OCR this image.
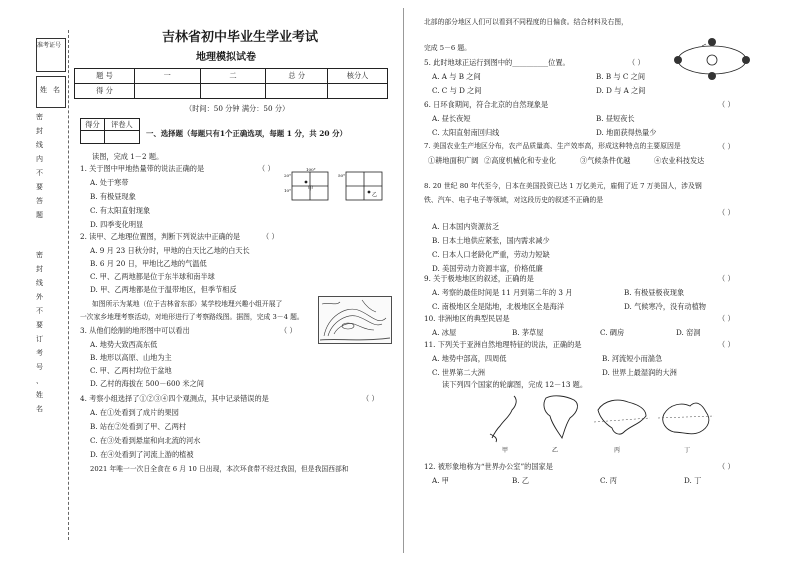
准考证号
姓名
密
封
线
内
不
要
答
题
密
封
线
外
不
要
订
考
号
、
姓
名
吉林省初中毕业生学业考试
地理模拟试卷
题 号	一	二	总 分	核分人
得 分				
（时间：50 分钟 满分：50 分）
得分	评卷人

一、选择题（每题只有1个正确选项，每题 1 分，共 20 分）
读图，完成 1－2 题。
20°
100°
10°
50°
甲
乙
1. 关于图中甲地热量带的说法正确的是	（ ）
A. 处于寒带
B. 有极昼现象
C. 有太阳直射现象
D. 四季变化明显
2. 读甲、乙地理位置图，判断下列说法中正确的是	（ ）
A. 9 月 23 日秋分时，甲地的白天比乙地的白天长
B. 6 月 20 日，甲地比乙地的气温低
C. 甲、乙两地都是位于东半球和南半球
D. 甲、乙两地都是位于温带地区，但季节相反
如图所示为某地（位于吉林省东部）某学校地理兴趣小组开展了
一次家乡地理考察活动，对地形进行了考察路线图。据图，完成 3－4 题。
3. 从他们绘制的地形图中可以看出	（ ）
A. 地势大致西高东低
B. 地形以高原、山地为主
C. 甲、乙两村均位于盆地
D. 乙村的海拔在 500－600 米之间
4. 考察小组选择了①②③④四个观测点，其中记录错误的是	（ ）
A. 在①处看到了成片的果园
B. 站在②处看到了甲、乙两村
C. 在③处看到悬崖和向北流的河水
D. 在④处看到了河流上游的植被
2021 年唯一一次日全食在 6 月 10 日出现，本次环食带不经过我国，但是我国西部和
北部的部分地区人们可以看到不同程度的日偏食。结合材料及右图，
完成 5－6 题。
5. 此时地球正运行到图中的__________位置。	（ ）
A. A 与 B 之间	B. B 与 C 之间
C. C 与 D 之间	D. D 与 A 之间
6. 日环食期间，符合北京的自然现象是	（ ）
A. 昼长夜短	B. 昼短夜长
C. 太阳直射南回归线	D. 地面获得热量少
7. 美国农业生产地区分布，农产品质量高、生产效率高，形成这种特点的主要原因是	（ ）
①耕地面积广阔 ②高度机械化和专业化	③气候条件优越	④农业科技发达
8. 20 世纪 80 年代至今，日本在美国投资已达 1 万亿美元，雇佣了近 7 万美国人，涉及钢
铁、汽车、电子电子等领域，对这段历史的叙述不正确的是
（ ）
A. 日本国内资源贫乏
B. 日本土地供应紧张，国内需求减少
C. 日本人口老龄化严重，劳动力短缺
D. 美国劳动力资源丰富，价格低廉
9. 关于极地地区的叙述，正确的是	（ ）
A. 考察的最佳时间是 11 月到第二年的 3 月	B. 有极昼极夜现象
C. 南极地区全是陆地，北极地区全是海洋	D. 气候寒冷，没有动植物
10. 非洲地区的典型民居是	（ ）
A. 冰屋	B. 茅草屋	C. 碉房	D. 窑洞
11. 下列关于亚洲自然地理特征的说法，正确的是	（ ）
A. 地势中部高，四周低	B. 河流短小而湍急
C. 世界第二大洲	D. 世界上最湿润的大洲
读下列四个国家的轮廓图，完成 12－13 题。
甲	乙	丙	丁
12. 被形象地称为“世界办公室”的国家是	（ ）
A. 甲	B. 乙	C. 丙	D. 丁
